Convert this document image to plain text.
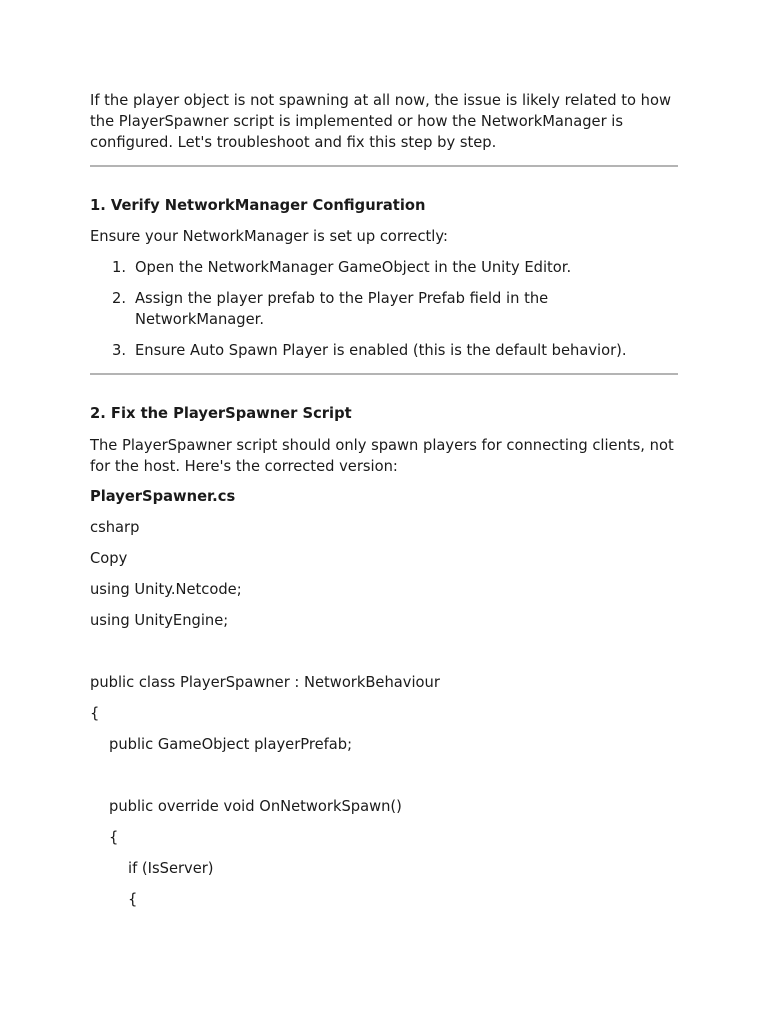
If the player object is not spawning at all now, the issue is likely related to how the PlayerSpawner script is implemented or how the NetworkManager is configured. Let's troubleshoot and fix this step by step.

1. Verify NetworkManager Configuration

Ensure your NetworkManager is set up correctly:

1. Open the NetworkManager GameObject in the Unity Editor.
2. Assign the player prefab to the Player Prefab field in the NetworkManager.
3. Ensure Auto Spawn Player is enabled (this is the default behavior).
2. Fix the PlayerSpawner Script

The PlayerSpawner script should only spawn players for connecting clients, not for the host. Here's the corrected version:

PlayerSpawner.cs
csharp
Copy
using Unity.Netcode;
using UnityEngine;
public class PlayerSpawner : NetworkBehaviour
{
public GameObject playerPrefab;
public override void OnNetworkSpawn()
{
if (IsServer)
{
